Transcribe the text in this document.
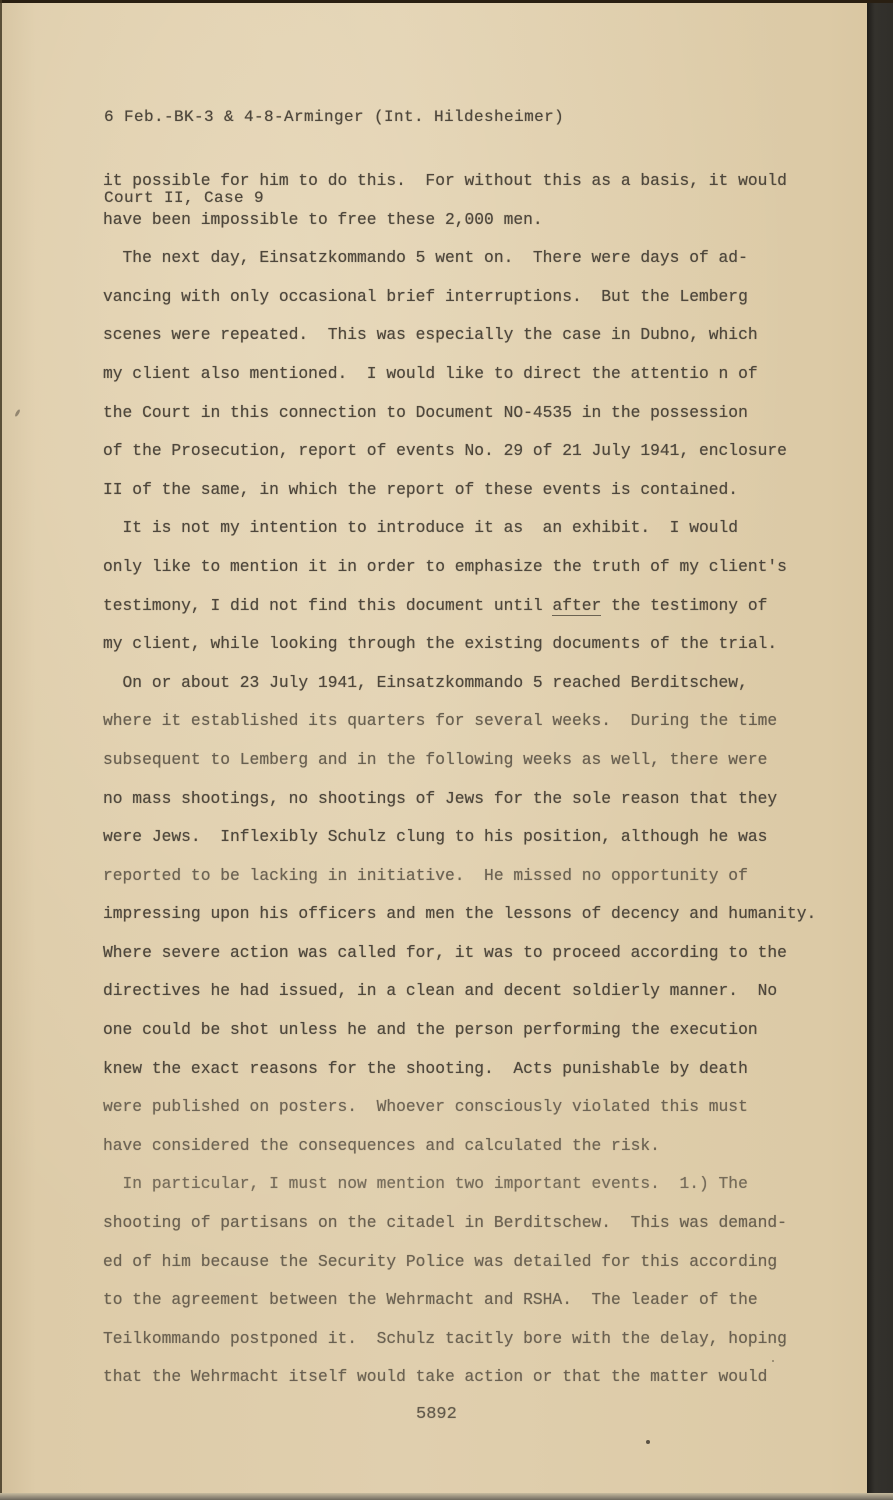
6 Feb.-BK-3 & 4-8-Arminger (Int. Hildesheimer)

Court II, Case 9

it possible for him to do this.  For without this as a basis, it would
have been impossible to free these 2,000 men.
The next day, Einsatzkommando 5 went on.  There were days of ad-
vancing with only occasional brief interruptions.  But the Lemberg
scenes were repeated.  This was especially the case in Dubno, which
my client also mentioned.  I would like to direct the attentio n of
the Court in this connection to Document NO-4535 in the possession
of the Prosecution, report of events No. 29 of 21 July 1941, enclosure
II of the same, in which the report of these events is contained.
It is not my intention to introduce it as  an exhibit.  I would
only like to mention it in order to emphasize the truth of my client's
testimony, I did not find this document until after the testimony of
my client, while looking through the existing documents of the trial.
On or about 23 July 1941, Einsatzkommando 5 reached Berditschew,
where it established its quarters for several weeks.  During the time
subsequent to Lemberg and in the following weeks as well, there were
no mass shootings, no shootings of Jews for the sole reason that they
were Jews.  Inflexibly Schulz clung to his position, although he was
reported to be lacking in initiative.  He missed no opportunity of
impressing upon his officers and men the lessons of decency and humanity.
Where severe action was called for, it was to proceed according to the
directives he had issued, in a clean and decent soldierly manner.  No
one could be shot unless he and the person performing the execution
knew the exact reasons for the shooting.  Acts punishable by death
were published on posters.  Whoever consciously violated this must
have considered the consequences and calculated the risk.
In particular, I must now mention two important events.  1.) The
shooting of partisans on the citadel in Berditschew.  This was demand-
ed of him because the Security Police was detailed for this according
to the agreement between the Wehrmacht and RSHA.  The leader of the
Teilkommando postponed it.  Schulz tacitly bore with the delay, hoping
that the Wehrmacht itself would take action or that the matter would
5892
